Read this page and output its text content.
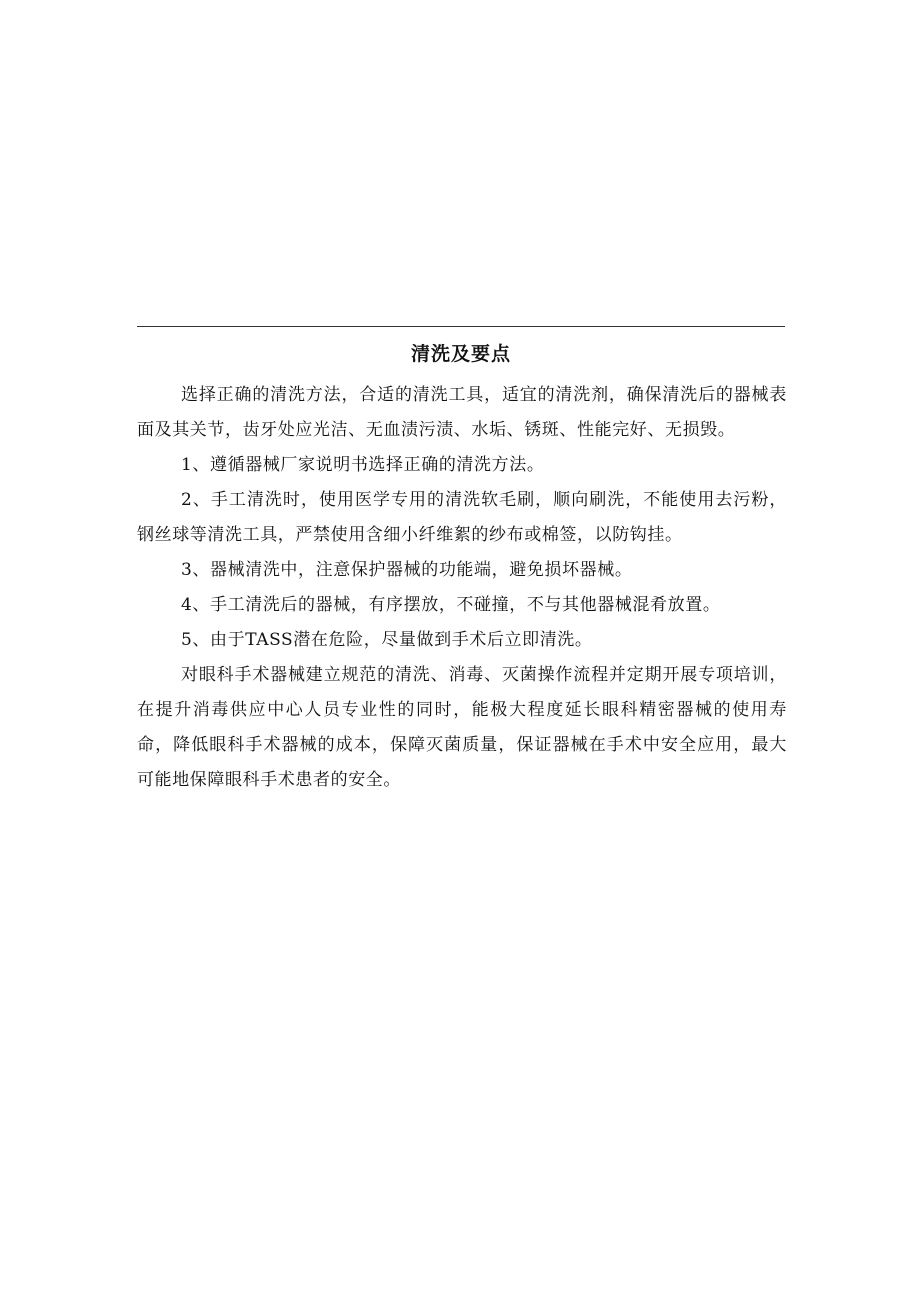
清洗及要点

选择正确的清洗方法，合适的清洗工具，适宜的清洗剂，确保清洗后的器械表面及其关节，齿牙处应光洁、无血渍污渍、水垢、锈斑、性能完好、无损毁。

1、遵循器械厂家说明书选择正确的清洗方法。

2、手工清洗时，使用医学专用的清洗软毛刷，顺向刷洗，不能使用去污粉，钢丝球等清洗工具，严禁使用含细小纤维絮的纱布或棉签，以防钩挂。

3、器械清洗中，注意保护器械的功能端，避免损坏器械。

4、手工清洗后的器械，有序摆放，不碰撞，不与其他器械混肴放置。

5、由于TASS潜在危险，尽量做到手术后立即清洗。

对眼科手术器械建立规范的清洗、消毒、灭菌操作流程并定期开展专项培训，在提升消毒供应中心人员专业性的同时，能极大程度延长眼科精密器械的使用寿命，降低眼科手术器械的成本，保障灭菌质量，保证器械在手术中安全应用，最大可能地保障眼科手术患者的安全。
